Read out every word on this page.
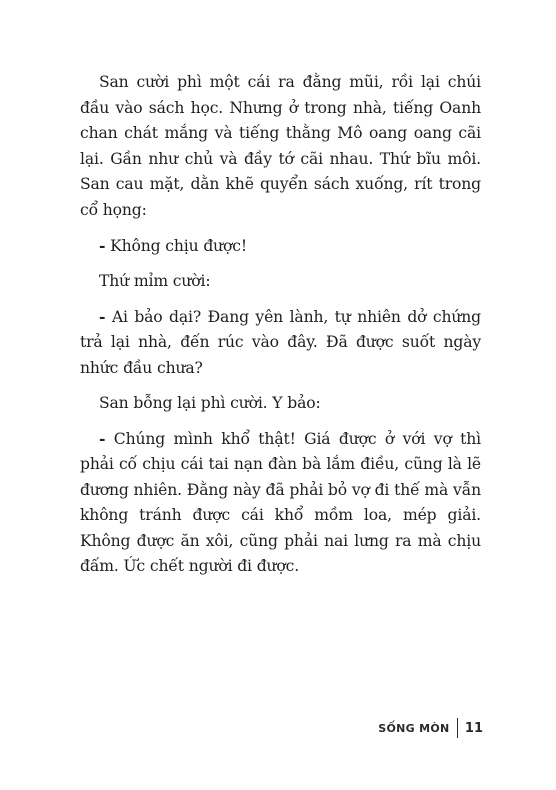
San cười phì một cái ra đằng mũi, rồi lại chúi đầu vào sách học. Nhưng ở trong nhà, tiếng Oanh chan chát mắng và tiếng thằng Mô oang oang cãi lại. Gần như chủ và đầy tớ cãi nhau. Thứ bĩu môi. San cau mặt, dằn khẽ quyển sách xuống, rít trong cổ họng:

- Không chịu được!

Thứ mỉm cười:

- Ai bảo dại? Đang yên lành, tự nhiên dở chứng trả lại nhà, đến rúc vào đây. Đã được suốt ngày nhức đầu chưa?

San bỗng lại phì cười. Y bảo:

- Chúng mình khổ thật! Giá được ở với vợ thì phải cố chịu cái tai nạn đàn bà lắm điều, cũng là lẽ đương nhiên. Đằng này đã phải bỏ vợ đi thế mà vẫn không tránh được cái khổ mồm loa, mép giải. Không được ăn xôi, cũng phải nai lưng ra mà chịu đấm. Ức chết người đi được.

SỐNG MÒN	11
